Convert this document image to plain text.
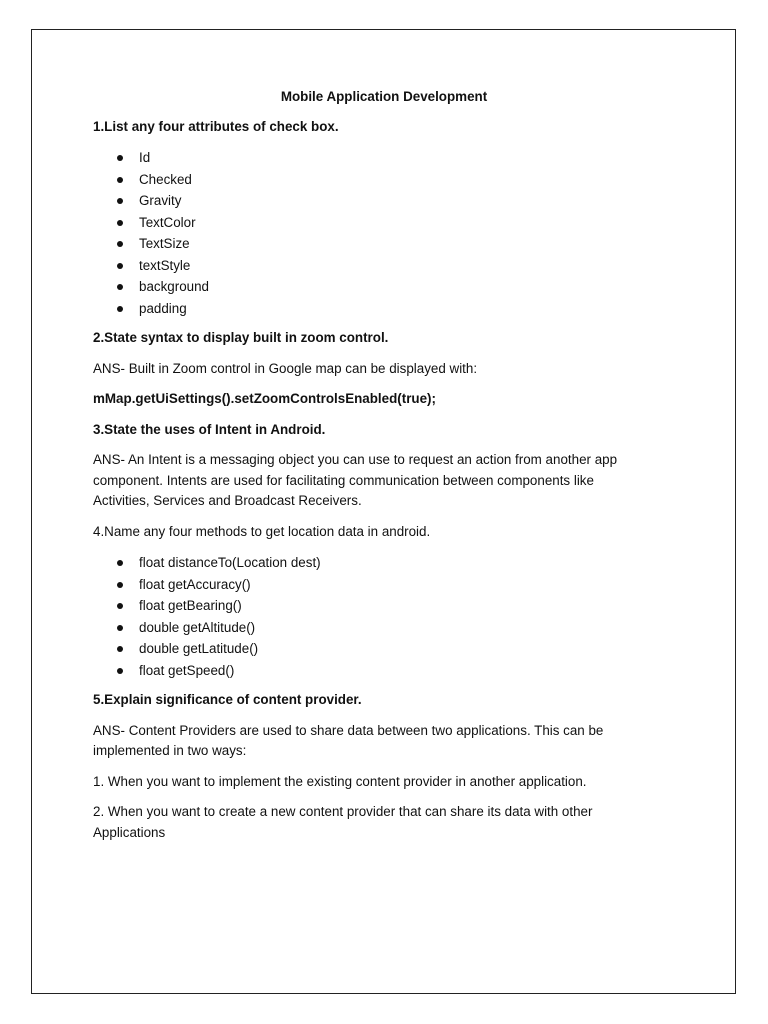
Mobile Application Development
1.List any four attributes of check box.
Id
Checked
Gravity
TextColor
TextSize
textStyle
background
padding
2.State syntax to display built in zoom control.
ANS- Built in Zoom control in Google map can be displayed with:
mMap.getUiSettings().setZoomControlsEnabled(true);
3.State the uses of Intent in Android.
ANS- An Intent is a messaging object you can use to request an action from another app component. Intents are used for facilitating communication between components like Activities, Services and Broadcast Receivers.
4.Name any four methods to get location data in android.
float distanceTo(Location dest)
float getAccuracy()
float getBearing()
double getAltitude()
double getLatitude()
float getSpeed()
5.Explain significance of content provider.
ANS- Content Providers are used to share data between two applications. This can be implemented in two ways:
1. When you want to implement the existing content provider in another application.
2. When you want to create a new content provider that can share its data with other Applications
